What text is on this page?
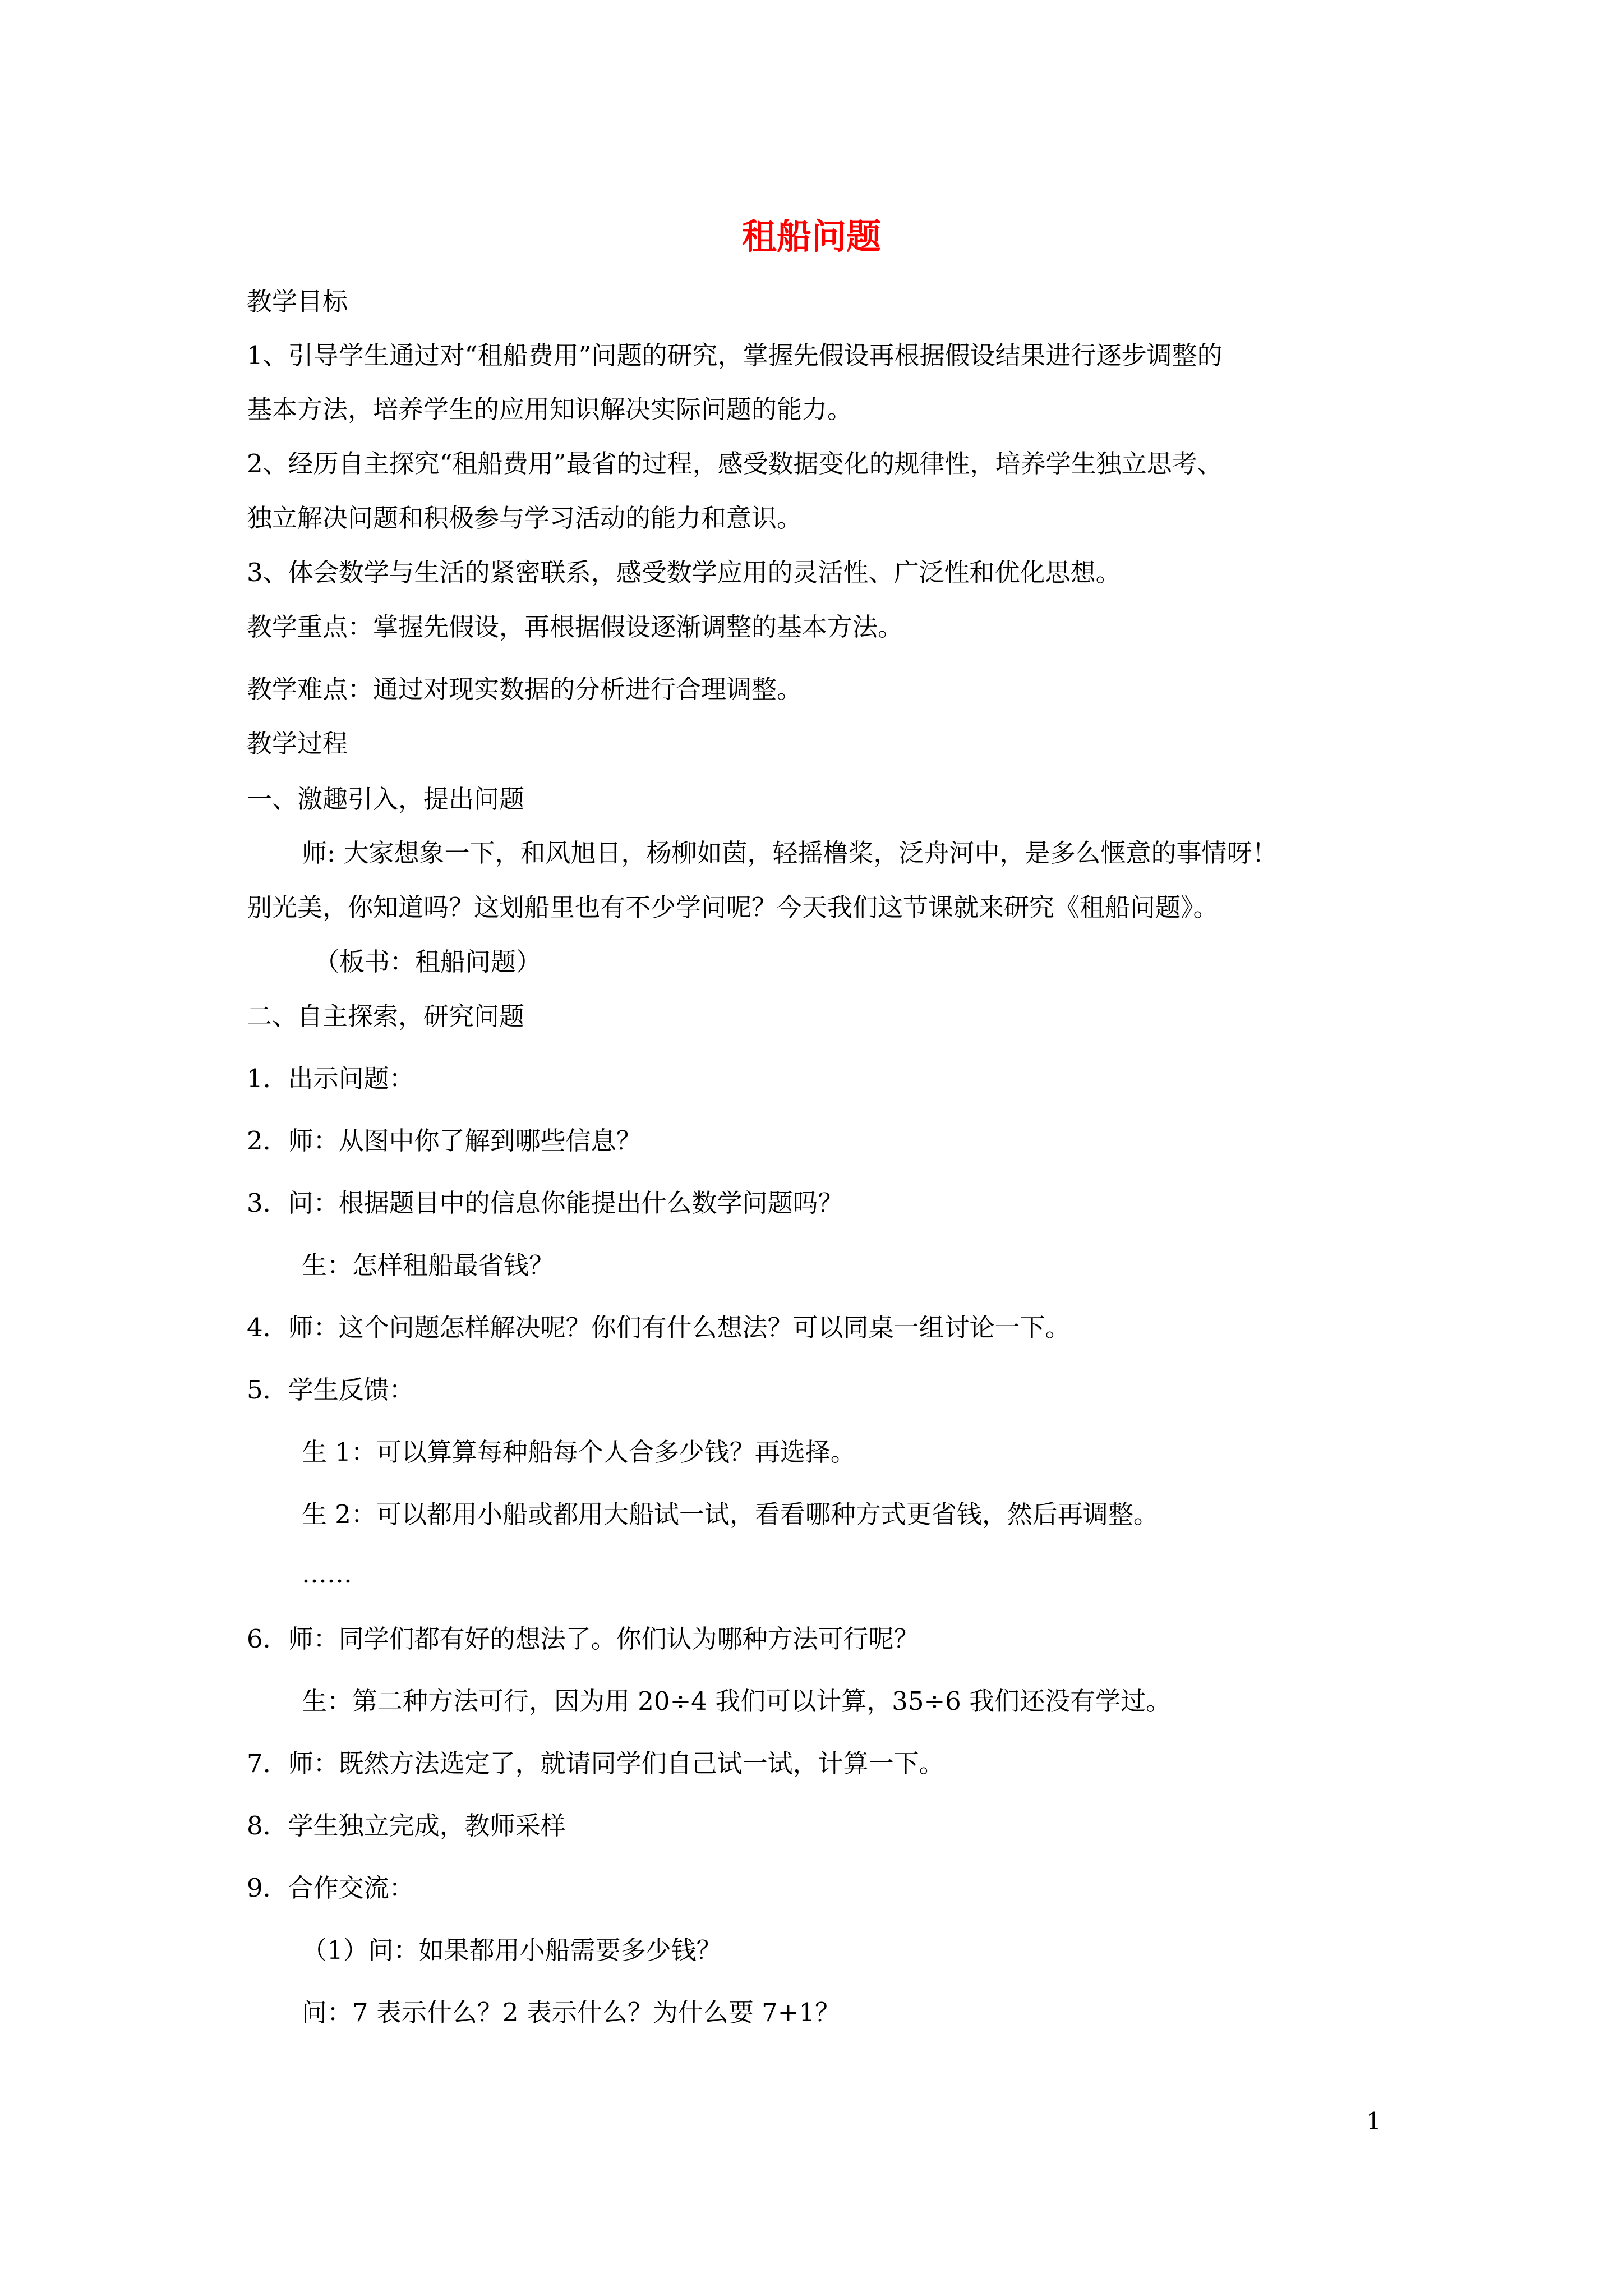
租船问题
教学目标
1、引导学生通过对“租船费用”问题的研究，掌握先假设再根据假设结果进行逐步调整的
基本方法，培养学生的应用知识解决实际问题的能力。
2、经历自主探究“租船费用”最省的过程，感受数据变化的规律性，培养学生独立思考、
独立解决问题和积极参与学习活动的能力和意识。
3、体会数学与生活的紧密联系，感受数学应用的灵活性、广泛性和优化思想。
教学重点：掌握先假设，再根据假设逐渐调整的基本方法。
教学难点：通过对现实数据的分析进行合理调整。
教学过程
一、激趣引入，提出问题
师: 大家想象一下，和风旭日，杨柳如茵，轻摇橹桨，泛舟河中，是多么惬意的事情呀！
别光美，你知道吗？这划船里也有不少学问呢？今天我们这节课就来研究《租船问题》。
（板书：租船问题）
二、自主探索，研究问题
1．出示问题：
2．师：从图中你了解到哪些信息？
3．问：根据题目中的信息你能提出什么数学问题吗？
生：怎样租船最省钱？
4．师：这个问题怎样解决呢？你们有什么想法？可以同桌一组讨论一下。
5．学生反馈：
生 1：可以算算每种船每个人合多少钱？再选择。
生 2：可以都用小船或都用大船试一试，看看哪种方式更省钱，然后再调整。
……
6．师：同学们都有好的想法了。你们认为哪种方法可行呢？
生：第二种方法可行，因为用 20÷4 我们可以计算，35÷6 我们还没有学过。
7．师：既然方法选定了，就请同学们自己试一试，计算一下。
8．学生独立完成，教师采样
9．合作交流：
（1）问：如果都用小船需要多少钱？
问：7 表示什么？2 表示什么？为什么要 7+1？
1
